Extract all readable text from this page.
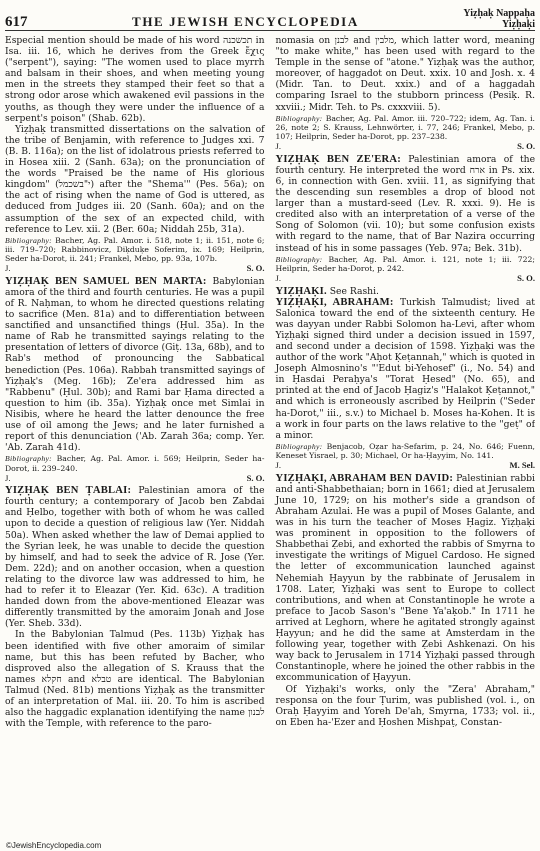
617	THE JEWISH ENCYCLOPEDIA
Yiẓḥaḳ Nappaḥa
Yiẓḥaḳi

Especial mention should be made of his word תכשכנה in Isa. iii. 16, which he derives from the Greek ἔχις ("serpent"), saying: "The women used to place myrrh and balsam in their shoes, and when meeting young men in the streets they stamped their feet so that a strong odor arose which awakened evil passions in the youths, as though they were under the influence of a serpent's poison" (Shab. 62b).

Yiẓḥaḳ transmitted dissertations on the salvation of the tribe of Benjamin, with reference to Judges xxi. 7 (B. B. 116a); on the list of idolatrous priests referred to in Hosea xiii. 2 (Sanh. 63a); on the pronunciation of the words "Praised be the name of His glorious kingdom" (י"בשכמל) after the "Shema'" (Pes. 56a); on the act of rising when the name of God is uttered, as deduced from Judges iii. 20 (Sanh. 60a); and on the assumption of the sex of an expected child, with reference to Lev. xii. 2 (Ber. 60a; Niddah 25b, 31a).

Bibliography: Bacher, Ag. Pal. Amor. i. 518, note 1; ii. 151, note 6; iii. 719–720; Rabbinovicz, Diḳduḳe Soferim, ix. 169; Heilprin, Seder ha-Dorot, ii. 241; Frankel, Mebo, pp. 93a, 107b.

J.	S. O.

YIẒḤAḲ BEN SAMUEL BEN MARTA: Babylonian amora of the third and fourth centuries. He was a pupil of R. Naḥman, to whom he directed questions relating to sacrifice (Men. 81a) and to differentiation between sanctified and unsanctified things (Ḥul. 35a). In the name of Rab he transmitted sayings relating to the presentation of letters of divorce (Giṭ. 13a, 68b), and to Rab's method of pronouncing the Sabbatical benediction (Pes. 106a). Rabbah transmitted sayings of Yiẓḥaḳ's (Meg. 16b); Ze'era addressed him as "Rabbenu" (Ḥul. 30b); and Rami bar Ḥama directed a question to him (ib. 35a). Yiẓḥaḳ once met Simlai in Nisibis, where he heard the latter denounce the free use of oil among the Jews; and he later furnished a report of this denunciation ('Ab. Zarah 36a; comp. Yer. 'Ab. Zarah 41d).

Bibliography: Bacher, Ag. Pal. Amor. i. 569; Heilprin, Seder ha-Dorot, ii. 239–240.

J.	S. O.

YIẒḤAḲ BEN ṬABLAI: Palestinian amora of the fourth century; a contemporary of Jacob ben Zabdai and Ḥelbo, together with both of whom he was called upon to decide a question of religious law (Yer. Niddah 50a). When asked whether the law of Demai applied to the Syrian leek, he was unable to decide the question by himself, and had to seek the advice of R. Jose (Yer. Dem. 22d); and on another occasion, when a question relating to the divorce law was addressed to him, he had to refer it to Eleazar (Yer. Ḳid. 63c). A tradition handed down from the above-mentioned Eleazar was differently transmitted by the amoraim Jonah and Jose (Yer. Sheb. 33d).

In the Babylonian Talmud (Pes. 113b) Yiẓḥaḳ has been identified with five other amoraim of similar name, but this has been refuted by Bacher, who disproved also the allegation of S. Krauss that the names חקלא and טבלא are identical. The Babylonian Talmud (Ned. 81b) mentions Yiẓḥaḳ as the transmitter of an interpretation of Mal. iii. 20. To him is ascribed also the haggadic explanation identifying the name לבנון with the Temple, with reference to the paro-

nomasia on לבנן and מלבין, which latter word, meaning "to make white," has been used with regard to the Temple in the sense of "atone." Yiẓḥaḳ was the author, moreover, of haggadot on Deut. xxix. 10 and Josh. x. 4 (Midr. Tan. to Deut. xxix.) and of a haggadah comparing Israel to the stubborn princess (Pesiḳ. R. xxviii.; Midr. Teh. to Ps. cxxxviii. 5).

Bibliography: Bacher, Ag. Pal. Amor. iii. 720–722; idem, Ag. Tan. i. 26, note 2; S. Krauss, Lehnwörter, i. 77, 246; Frankel, Mebo, p. 107; Heilprin, Seder ha-Dorot, pp. 237–238.

J.	S. O.

YIẒḤAḲ BEN ZE'ERA: Palestinian amora of the fourth century. He interpreted the word ארח in Ps. xix. 6, in connection with Gen. xviii. 11, as signifying that the descending sun resembles a drop of blood not larger than a mustard-seed (Lev. R. xxxi. 9). He is credited also with an interpretation of a verse of the Song of Solomon (vii. 10); but some confusion exists with regard to the name, that of Bar Nazira occurring instead of his in some passages (Yeb. 97a; Bek. 31b).

Bibliography: Bacher, Ag. Pal. Amor. i. 121, note 1; iii. 722; Heilprin, Seder ha-Dorot, p. 242.

J.	S. O.

YIẒḤAḲI. See Rashi.

YIẒḤAḲI, ABRAHAM: Turkish Talmudist; lived at Salonica toward the end of the sixteenth century. He was dayyan under Rabbi Solomon ha-Levi, after whom Yiẓḥaḳi signed third under a decision issued in 1597, and second under a decision of 1598. Yiẓḥaḳi was the author of the work "Aḥot Ḳeṭannah," which is quoted in Joseph Almosnino's "'Edut bi-Yehosef" (i., No. 54) and in Ḥasdai Peraḥya's "Torat Ḥesed" (No. 65), and printed at the end of Jacob Ḥagiz's "Halakot Ḳeṭannot," and which is erroneously ascribed by Heilprin ("Seder ha-Dorot," iii., s.v.) to Michael b. Moses ha-Kohen. It is a work in four parts on the laws relative to the "geṭ" of a minor.

Bibliography: Benjacob, Oẓar ha-Sefarim, p. 24, No. 646; Fuenn, Keneset Yisrael, p. 30; Michael, Or ha-Ḥayyim, No. 141.

J.	M. Sel.

YIẒḤAḲI, ABRAHAM BEN DAVID: Palestinian rabbi and anti-Shabbethaian; born in 1661; died at Jerusalem June 10, 1729; on his mother's side a grandson of Abraham Azulai. He was a pupil of Moses Galante, and was in his turn the teacher of Moses Ḥagiz. Yiẓḥaḳi was prominent in opposition to the followers of Shabbethai Ẓebi, and exhorted the rabbis of Smyrna to investigate the writings of Miguel Cardoso. He signed the letter of excommunication launched against Nehemiah Ḥayyun by the rabbinate of Jerusalem in 1708. Later, Yiẓḥaḳi was sent to Europe to collect contributions, and when at Constantinople he wrote a preface to Jacob Sason's "Bene Ya'aḳob." In 1711 he arrived at Leghorn, where he agitated strongly against Ḥayyun; and he did the same at Amsterdam in the following year, together with Ẓebi Ashkenazi. On his way back to Jerusalem in 1714 Yiẓḥaḳi passed through Constantinople, where he joined the other rabbis in the excommunication of Ḥayyun.

Of Yiẓḥaḳi's works, only the "Zera' Abraham," responsa on the four Ṭurim, was published (vol. i., on Oraḥ Ḥayyim and Yoreh De'ah, Smyrna, 1733; vol. ii., on Eben ha-'Ezer and Ḥoshen Mishpaṭ, Constan-

©JewishEncyclopedia.com
